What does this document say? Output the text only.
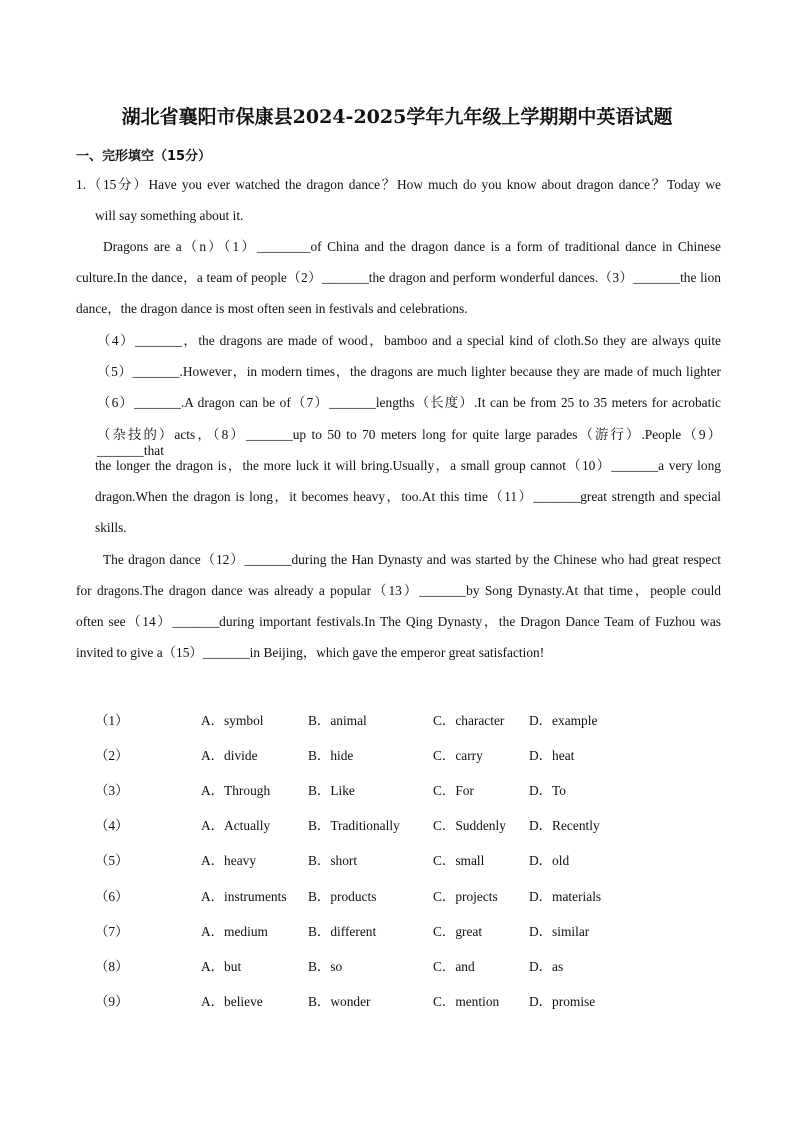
湖北省襄阳市保康县2024-2025学年九年级上学期期中英语试题
一、完形填空（15分）
1.（15分）Have you ever watched the dragon dance？How much do you know about dragon dance？Today we
will say something about it.
Dragons are a（n）（1）________of China and the dragon dance is a form of traditional dance in Chinese
culture.In the dance，a team of people（2）_______the dragon and perform wonderful dances.（3）_______the lion
dance，the dragon dance is most often seen in festivals and celebrations.
（4）_______，the dragons are made of wood，bamboo and a special kind of cloth.So they are always quite
（5）_______.However，in modern times，the dragons are much lighter because they are made of much lighter
（6）_______.A dragon can be of（7）_______lengths（长度）.It can be from 25 to 35 meters for acrobatic
（杂技的）acts，（8）_______up to 50 to 70 meters long for quite large parades（游行）.People（9）_______that
the longer the dragon is，the more luck it will bring.Usually，a small group cannot（10）_______a very long
dragon.When the dragon is long，it becomes heavy，too.At this time（11）_______great strength and special
skills.
The dragon dance（12）_______during the Han Dynasty and was started by the Chinese who had great respect
for dragons.The dragon dance was already a popular（13）_______by Song Dynasty.At that time，people could
often see（14）_______during important festivals.In The Qing Dynasty，the Dragon Dance Team of Fuzhou was
invited to give a（15）_______in Beijing，which gave the emperor great satisfaction!
（1）	A．symbol	B．animal	C．character D．example
（2）	A．divide	B．hide	C．carry	D．heat
（3）	A．Through	B．Like	C．For	D．To
（4）	A．Actually	B．Traditionally C．Suddenly D．Recently
（5）	A．heavy	B．short	C．small	D．old
（6）	A．instruments B．products	C．projects D．materials
（7）	A．medium	B．different	C．great	D．similar
（8）	A．but	B．so	C．and	D．as
（9）	A．believe	B．wonder	C．mention D．promise
